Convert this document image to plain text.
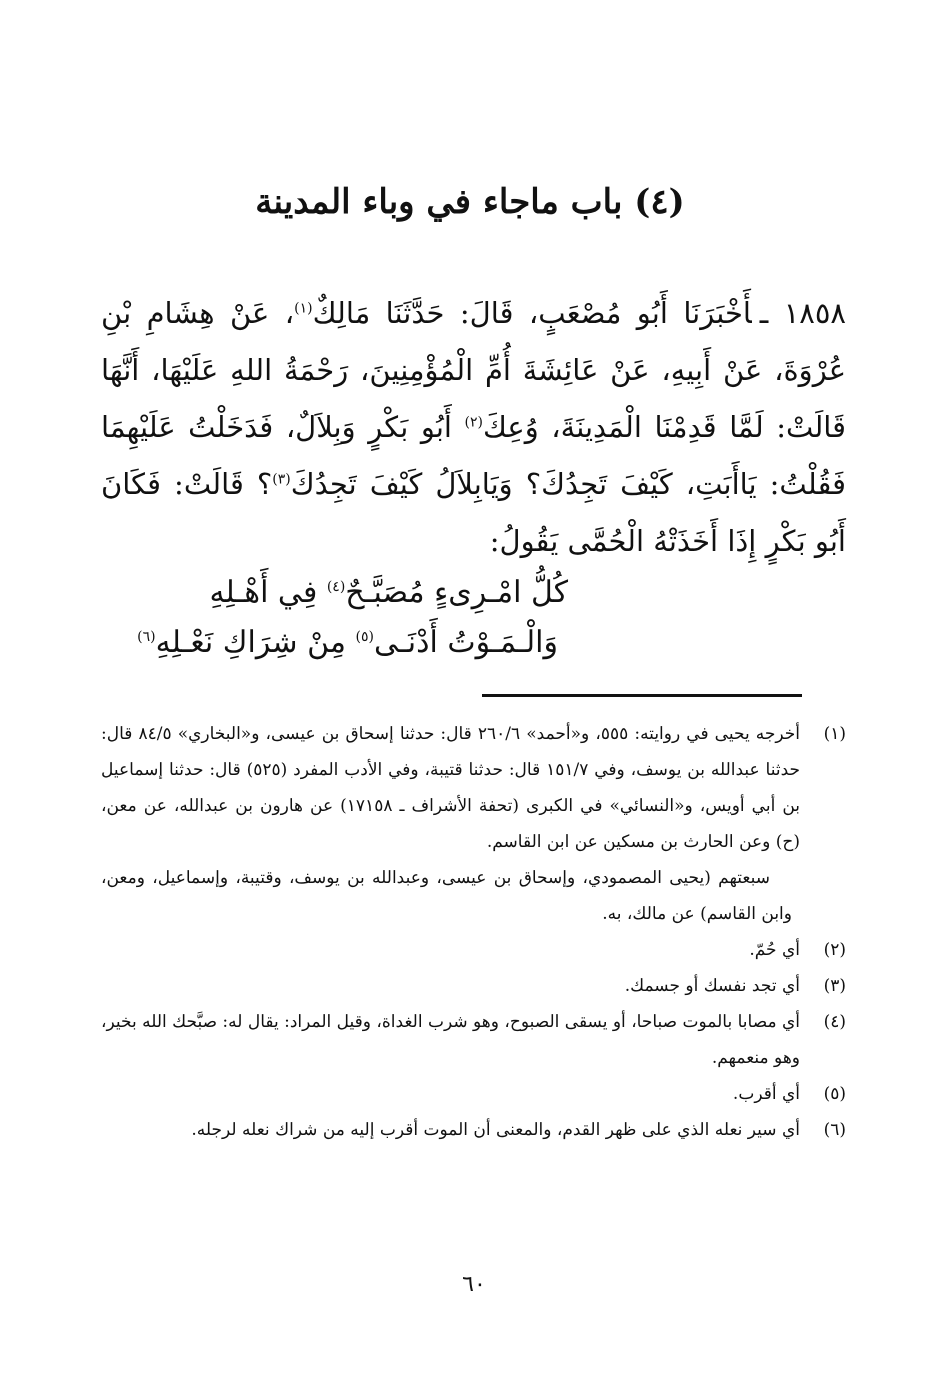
(٤) باب ماجاء في وباء المدينة

١٨٥٨ ـأَخْبَرَنَا أَبُو مُصْعَبٍ، قَالَ: حَدَّثَنَا مَالِكٌ$^{(١)}$، عَنْ هِشَامِ بْنِ عُرْوَةَ، عَنْ أَبِيهِ، عَنْ عَائِشَةَ أُمِّ الْمُؤْمِنِينَ، رَحْمَةُ اللهِ عَلَيْهَا، أَنَّهَا قَالَتْ: لَمَّا قَدِمْنَا الْمَدِينَةَ، وُعِكَ$^{(٢)}$ أَبُو بَكْرٍ وَبِلاَلٌ، فَدَخَلْتُ عَلَيْهِمَا فَقُلْتُ: يَاأَبَتِ، كَيْفَ تَجِدُكَ؟ وَيَابِلاَلُ كَيْفَ تَجِدُكَ$^{(٣)}$؟ قَالَتْ: فَكَانَ أَبُو بَكْرٍ إِذَا أَخَذَتْهُ الْحُمَّى يَقُولُ:

كُلُّ امْـرِىءٍ مُصَبَّـحٌ$^{(٤)}$ فِي أَهْـلِهِ
وَالْـمَـوْتُ أَدْنَـى$^{(٥)}$ مِنْ شِرَاكِ نَعْـلِهِ$^{(٦)}$
(١)
أخرجه يحيى في روايته: ٥٥٥، و«أحمد» ٢٦٠/٦ قال: حدثنا إسحاق بن عيسى، و«البخاري» ٨٤/٥ قال: حدثنا عبدالله بن يوسف، وفي ١٥١/٧ قال: حدثنا قتيبة، وفي الأدب المفرد (٥٢٥) قال: حدثنا إسماعيل بن أبي أويس، و«النسائي» في الكبرى (تحفة الأشراف ـ ١٧١٥٨) عن هارون بن عبدالله، عن معن، (ح) وعن الحارث بن مسكين عن ابن القاسم.
سبعتهم (يحيى المصمودي، وإسحاق بن عيسى، وعبدالله بن يوسف، وقتيبة، وإسماعيل، ومعن، وابن القاسم) عن مالك، به.
(٢)
أي حُمّ.
(٣)
أي تجد نفسك أو جسمك.
(٤)
أي مصابا بالموت صباحا، أو يسقى الصبوح، وهو شرب الغداة، وقيل المراد: يقال له: صبَّحك الله بخير، وهو منعمهم.
(٥)
أي أقرب.
(٦)
أي سير نعله الذي على ظهر القدم، والمعنى أن الموت أقرب إليه من شراك نعله لرجله.
٦٠
